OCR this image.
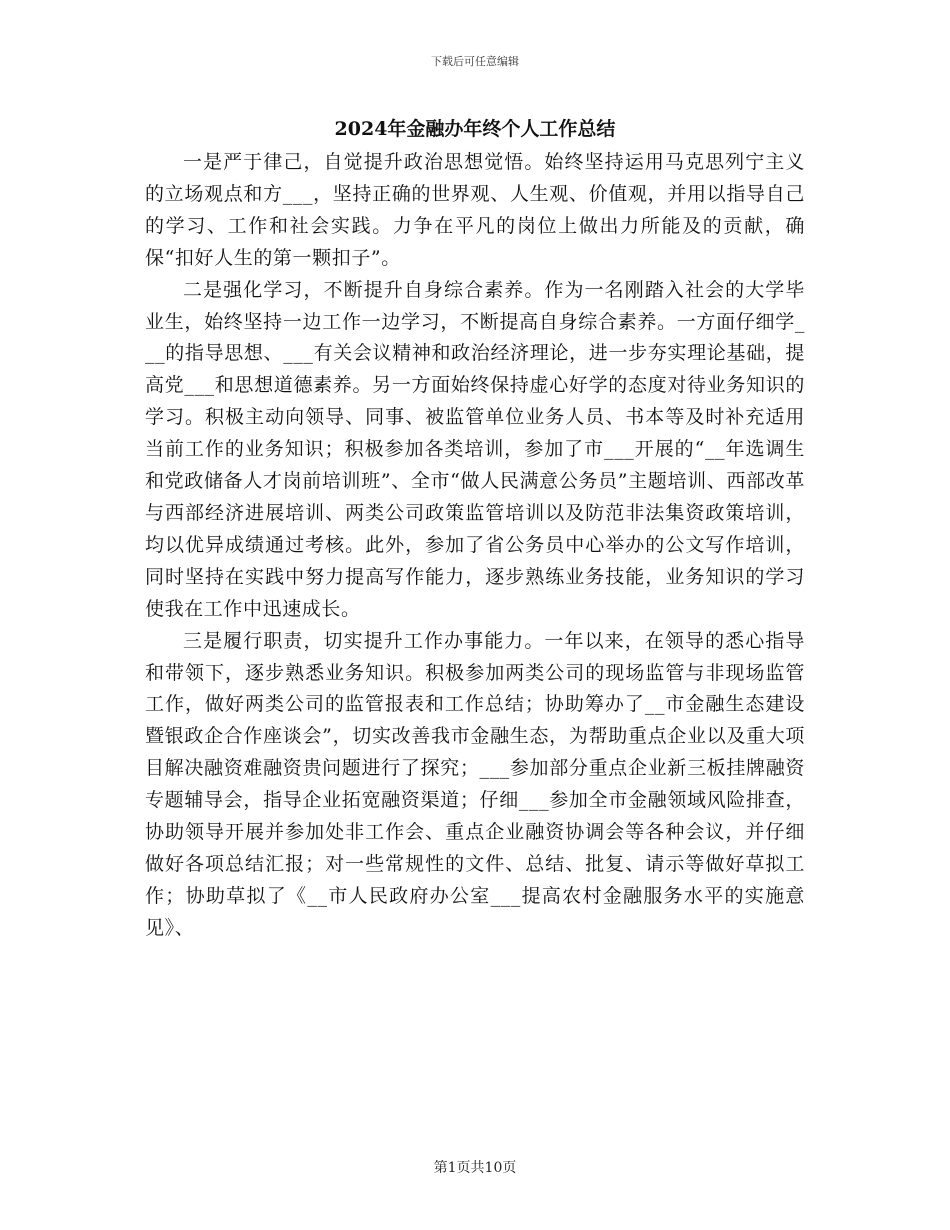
下载后可任意编辑
2024年金融办年终个人工作总结

一是严于律己，自觉提升政治思想觉悟。始终坚持运用马克思列宁主义的立场观点和方___，坚持正确的世界观、人生观、价值观，并用以指导自己的学习、工作和社会实践。力争在平凡的岗位上做出力所能及的贡献，确保“扣好人生的第一颗扣子”。

二是强化学习，不断提升自身综合素养。作为一名刚踏入社会的大学毕业生，始终坚持一边工作一边学习，不断提高自身综合素养。一方面仔细学___的指导思想、___有关会议精神和政治经济理论，进一步夯实理论基础，提高党___和思想道德素养。另一方面始终保持虚心好学的态度对待业务知识的学习。积极主动向领导、同事、被监管单位业务人员、书本等及时补充适用当前工作的业务知识；积极参加各类培训，参加了市___开展的“__年选调生和党政储备人才岗前培训班”、全市“做人民满意公务员”主题培训、西部改革与西部经济进展培训、两类公司政策监管培训以及防范非法集资政策培训，均以优异成绩通过考核。此外，参加了省公务员中心举办的公文写作培训，同时坚持在实践中努力提高写作能力，逐步熟练业务技能，业务知识的学习使我在工作中迅速成长。

三是履行职责，切实提升工作办事能力。一年以来，在领导的悉心指导和带领下，逐步熟悉业务知识。积极参加两类公司的现场监管与非现场监管工作，做好两类公司的监管报表和工作总结；协助筹办了__市金融生态建设暨银政企合作座谈会”，切实改善我市金融生态，为帮助重点企业以及重大项目解决融资难融资贵问题进行了探究；___参加部分重点企业新三板挂牌融资专题辅导会，指导企业拓宽融资渠道；仔细___参加全市金融领域风险排查，协助领导开展并参加处非工作会、重点企业融资协调会等各种会议，并仔细做好各项总结汇报；对一些常规性的文件、总结、批复、请示等做好草拟工作；协助草拟了《__市人民政府办公室___提高农村金融服务水平的实施意见》、

第1页共10页
